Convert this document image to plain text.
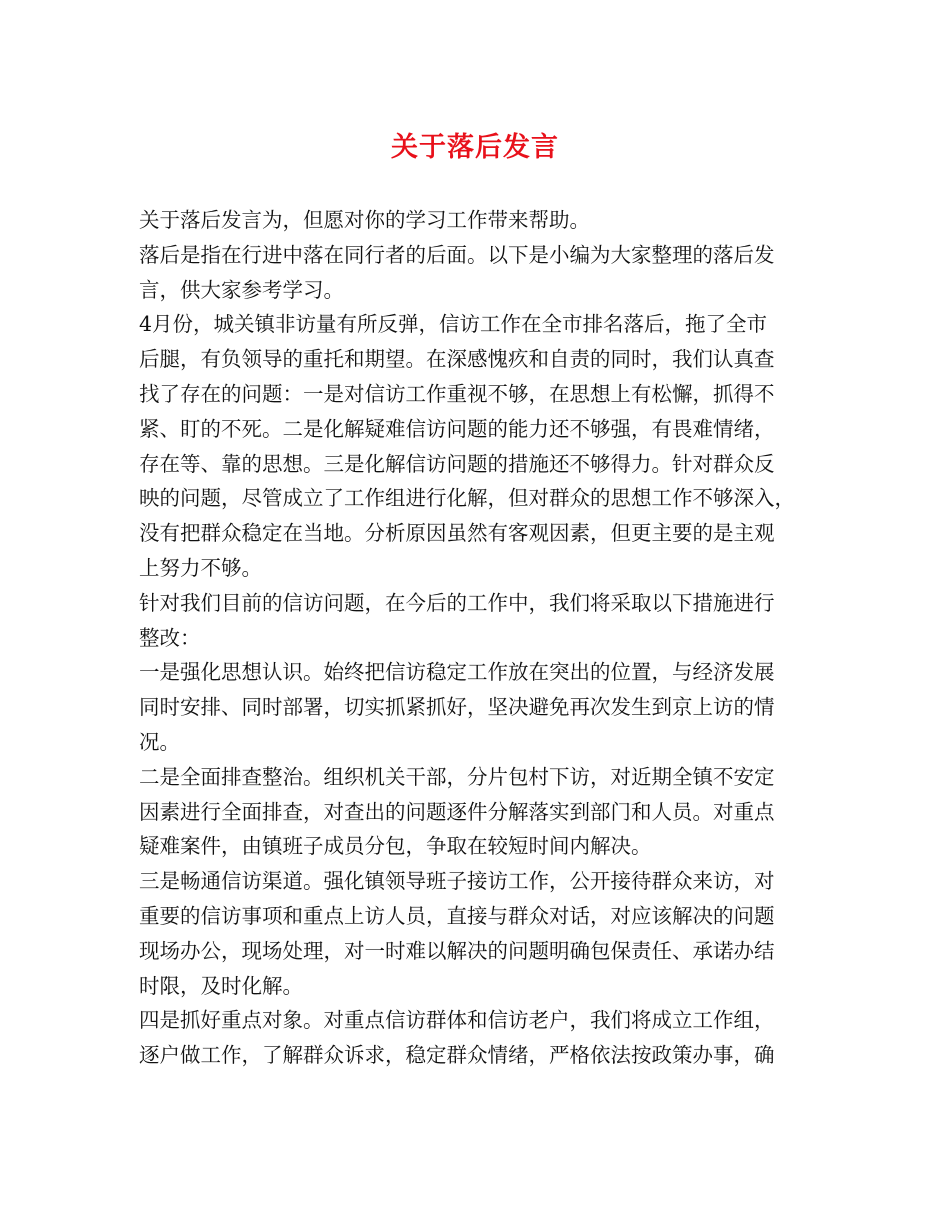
关于落后发言
关于落后发言为，但愿对你的学习工作带来帮助。
落后是指在行进中落在同行者的后面。以下是小编为大家整理的落后发
言，供大家参考学习。
4月份，城关镇非访量有所反弹，信访工作在全市排名落后，拖了全市
后腿，有负领导的重托和期望。在深感愧疚和自责的同时，我们认真查
找了存在的问题：一是对信访工作重视不够，在思想上有松懈，抓得不
紧、盯的不死。二是化解疑难信访问题的能力还不够强，有畏难情绪，
存在等、靠的思想。三是化解信访问题的措施还不够得力。针对群众反
映的问题，尽管成立了工作组进行化解，但对群众的思想工作不够深入，
没有把群众稳定在当地。分析原因虽然有客观因素，但更主要的是主观
上努力不够。
针对我们目前的信访问题，在今后的工作中，我们将采取以下措施进行
整改：
一是强化思想认识。始终把信访稳定工作放在突出的位置，与经济发展
同时安排、同时部署，切实抓紧抓好，坚决避免再次发生到京上访的情
况。
二是全面排查整治。组织机关干部，分片包村下访，对近期全镇不安定
因素进行全面排查，对查出的问题逐件分解落实到部门和人员。对重点
疑难案件，由镇班子成员分包，争取在较短时间内解决。
三是畅通信访渠道。强化镇领导班子接访工作，公开接待群众来访，对
重要的信访事项和重点上访人员，直接与群众对话，对应该解决的问题
现场办公，现场处理，对一时难以解决的问题明确包保责任、承诺办结
时限，及时化解。
四是抓好重点对象。对重点信访群体和信访老户，我们将成立工作组，
逐户做工作，了解群众诉求，稳定群众情绪，严格依法按政策办事，确
